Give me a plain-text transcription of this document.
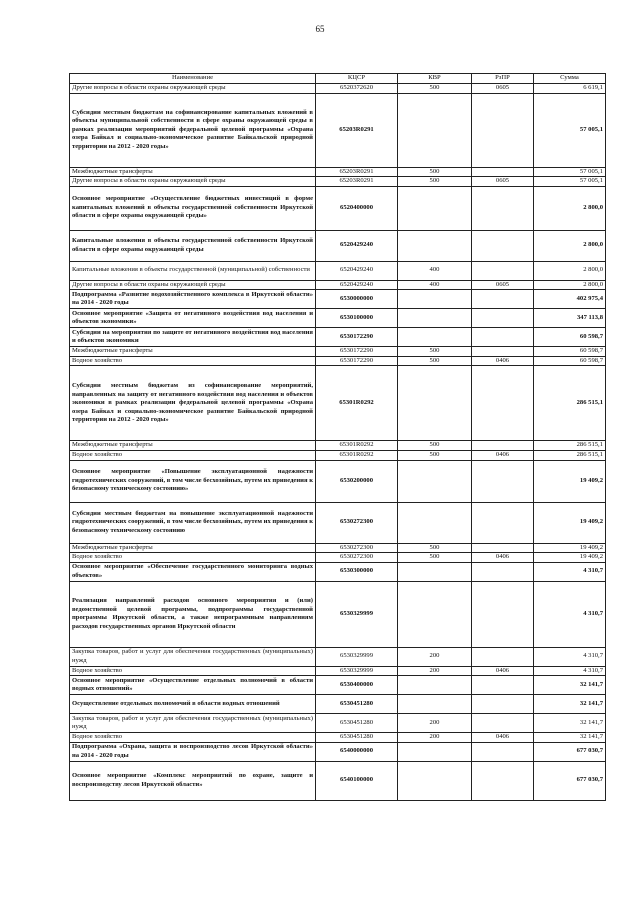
65
Наименование	КЦСР	КВР	РзПР	Сумма
Другие вопросы в области охраны окружающей среды	6520372620	500	0605	6 619,1
Субсидии местным бюджетам на софинансирование капитальных вложений в объекты муниципальной собственности в сфере охраны окружающей среды в рамках реализации мероприятий федеральной целевой программы «Охрана озера Байкал и социально-экономическое развитие Байкальской природной территории на 2012 - 2020 годы»	65203R0291			57 005,1
Межбюджетные трансферты	65203R0291	500		57 005,1
Другие вопросы в области охраны окружающей среды	65203R0291	500	0605	57 005,1
Основное мероприятие «Осуществление бюджетных инвестиций в форме капитальных вложений в объекты государственной собственности Иркутской области в сфере охраны окружающей среды»	6520400000			2 800,0
Капитальные вложения в объекты государственной собственности Иркутской области в сфере охраны окружающей среды	6520429240			2 800,0
Капитальные вложения в объекты государственной (муниципальной) собственности	6520429240	400		2 800,0
Другие вопросы в области охраны окружающей среды	6520429240	400	0605	2 800,0
Подпрограмма «Развитие водохозяйственного комплекса в Иркутской области» на 2014 - 2020 годы	6530000000			402 975,4
Основное мероприятие «Защита от негативного воздействия вод населения и объектов экономики»	6530100000			347 113,8
Субсидии на мероприятия по защите от негативного воздействия вод населения и объектов экономики	6530172290			60 598,7
Межбюджетные трансферты	6530172290	500		60 598,7
Водное хозяйство	6530172290	500	0406	60 598,7
Субсидии местным бюджетам из софинансирование мероприятий, направленных на защиту от негативного воздействия вод населения и объектов экономики в рамках реализации федеральной целевой программы «Охрана озера Байкал и социально-экономическое развитие Байкальской природной территории на 2012 - 2020 годы»	65301R0292			286 515,1
Межбюджетные трансферты	65301R0292	500		286 515,1
Водное хозяйство	65301R0292	500	0406	286 515,1
Основное мероприятие «Повышение эксплуатационной надежности гидротехнических сооружений, в том числе бесхозяйных, путем их приведения к безопасному техническому состоянию»	6530200000			19 409,2
Субсидии местным бюджетам на повышение эксплуатационной надежности гидротехнических сооружений, в том числе бесхозяйных, путем их приведения к безопасному техническому состоянию	6530272300			19 409,2
Межбюджетные трансферты	6530272300	500		19 409,2
Водное хозяйство	6530272300	500	0406	19 409,2
Основное мероприятие «Обеспечение государственного мониторинга водных объектов»	6530300000			4 310,7
Реализация направлений расходов основного мероприятия и (или) ведомственной целевой программы, подпрограммы государственной программы Иркутской области, а также непрограммным направлениям расходов государственных органов Иркутской области	6530329999			4 310,7
Закупка товаров, работ и услуг для обеспечения государственных (муниципальных) нужд	6530329999	200		4 310,7
Водное хозяйство	6530329999	200	0406	4 310,7
Основное мероприятие «Осуществление отдельных полномочий в области водных отношений»	6530400000			32 141,7
Осуществление отдельных полномочий в области водных отношений	6530451280			32 141,7
Закупка товаров, работ и услуг для обеспечения государственных (муниципальных) нужд	6530451280	200		32 141,7
Водное хозяйство	6530451280	200	0406	32 141,7
Подпрограмма «Охрана, защита и воспроизводство лесов Иркутской области» на 2014 - 2020 годы	6540000000			677 030,7
Основное мероприятие «Комплекс мероприятий по охране, защите и воспроизводству лесов Иркутской области»	6540100000			677 030,7
